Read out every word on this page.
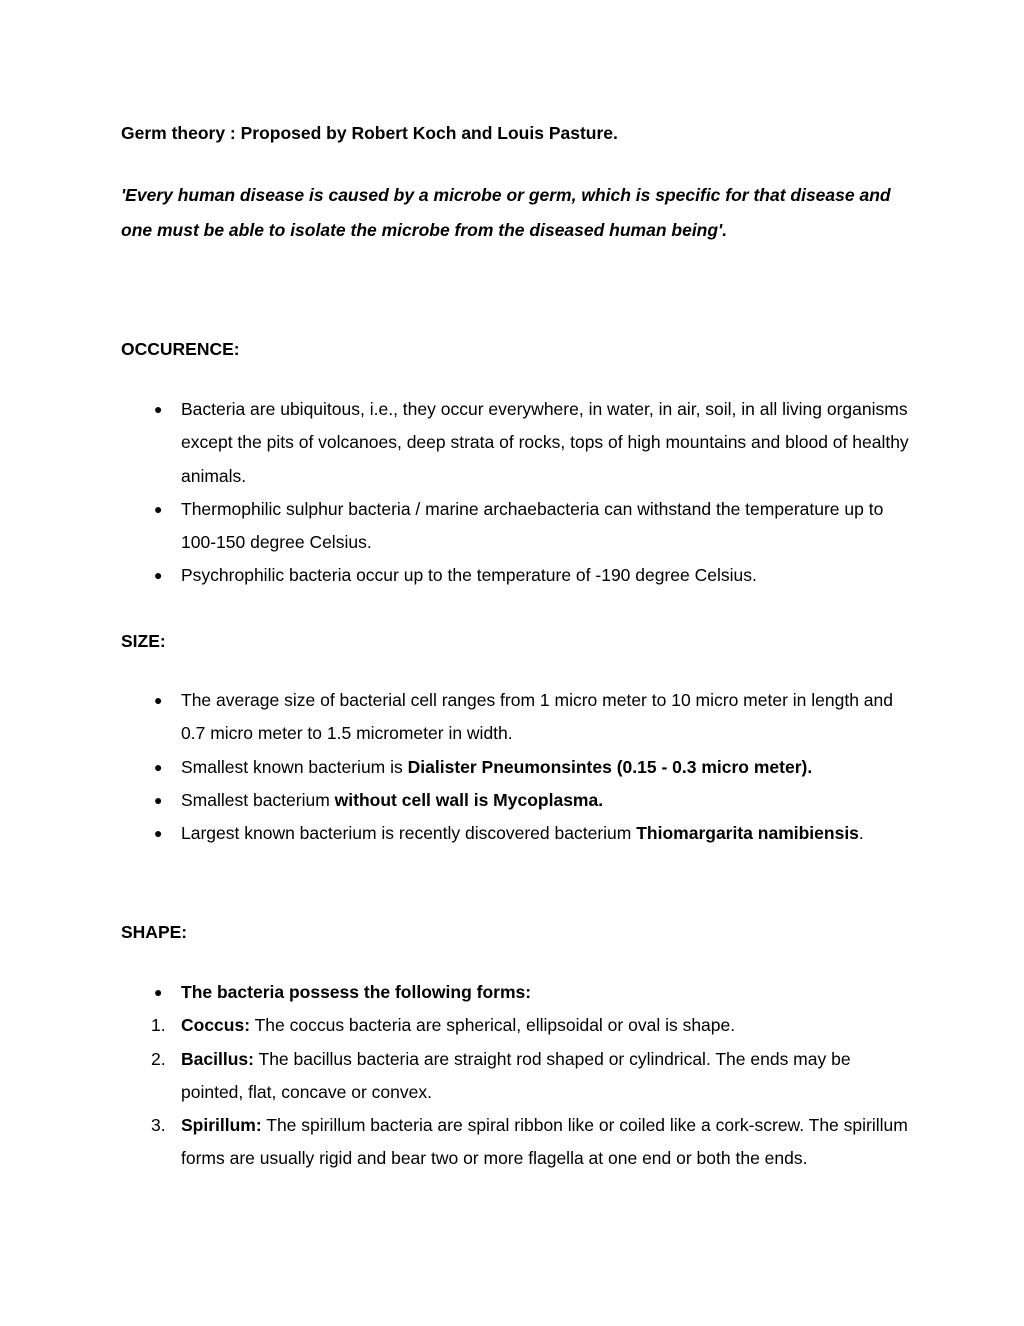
Germ theory : Proposed by Robert Koch and Louis Pasture.
'Every human disease is caused by a microbe or germ, which is specific for that disease and one must be able to isolate the microbe from the diseased human being'.
OCCURENCE:
●	Bacteria are ubiquitous, i.e., they occur everywhere, in water, in air, soil, in all living organisms except the pits of volcanoes, deep strata of rocks, tops of high mountains and blood of healthy animals.
●	Thermophilic sulphur bacteria / marine archaebacteria can withstand the temperature up to 100-150 degree Celsius.
●	Psychrophilic bacteria occur up to the temperature of -190 degree Celsius.
SIZE:
●	The average size of bacterial cell ranges from 1 micro meter to 10 micro meter in length and 0.7 micro meter to 1.5 micrometer in width.
●	Smallest known bacterium is Dialister Pneumonsintes (0.15 - 0.3 micro meter).
●	Smallest bacterium without cell wall is Mycoplasma.
●	Largest known bacterium is recently discovered bacterium Thiomargarita namibiensis.
SHAPE:
●	The bacteria possess the following forms:
1. Coccus: The coccus bacteria are spherical, ellipsoidal or oval is shape.
2. Bacillus: The bacillus bacteria are straight rod shaped or cylindrical. The ends may be pointed, flat, concave or convex.
3. Spirillum: The spirillum bacteria are spiral ribbon like or coiled like a cork-screw. The spirillum forms are usually rigid and bear two or more flagella at one end or both the ends.
